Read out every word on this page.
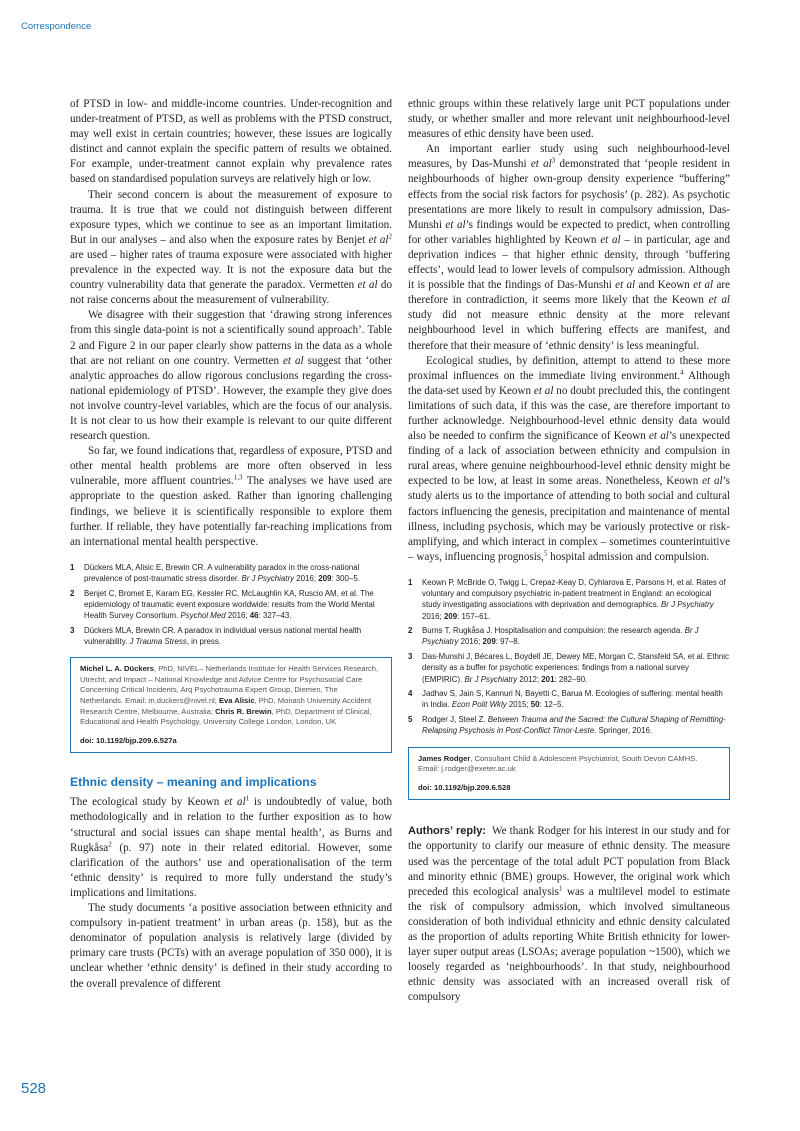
Correspondence

of PTSD in low- and middle-income countries. Under-recognition and under-treatment of PTSD, as well as problems with the PTSD construct, may well exist in certain countries; however, these issues are logically distinct and cannot explain the specific pattern of results we obtained. For example, under-treatment cannot explain why prevalence rates based on standardised population surveys are relatively high or low.

Their second concern is about the measurement of exposure to trauma. It is true that we could not distinguish between different exposure types, which we continue to see as an important limitation. But in our analyses – and also when the exposure rates by Benjet et $al^2$ are used – higher rates of trauma exposure were associated with higher prevalence in the expected way. It is not the exposure data but the country vulnerability data that generate the paradox. Vermetten et al do not raise concerns about the measurement of vulnerability.

We disagree with their suggestion that ‘drawing strong inferences from this single data-point is not a scientifically sound approach’. Table 2 and Figure 2 in our paper clearly show patterns in the data as a whole that are not reliant on one country. Vermetten et al suggest that ‘other analytic approaches do allow rigorous conclusions regarding the cross-national epidemiology of PTSD’. However, the example they give does not involve country-level variables, which are the focus of our analysis. It is not clear to us how their example is relevant to our quite different research question.

So far, we found indications that, regardless of exposure, PTSD and other mental health problems are more often observed in less vulnerable, more affluent countries.$^{1,3}$ The analyses we have used are appropriate to the question asked. Rather than ignoring challenging findings, we believe it is scientifically responsible to explore them further. If reliable, they have potentially far-reaching implications from an international mental health perspective.

1 Dückers MLA, Alisic E, Brewin CR. A vulnerability paradox in the cross-national prevalence of post-traumatic stress disorder. Br J Psychiatry 2016; 209: 300–5.
2 Benjet C, Bromet E, Karam EG, Kessler RC, McLaughlin KA, Ruscio AM, et al. The epidemiology of traumatic event exposure worldwide: results from the World Mental Health Survey Consortium. Psychol Med 2016; 46: 327–43.
3 Dückers MLA, Brewin CR. A paradox in individual versus national mental health vulnerability. J Trauma Stress, in press.
Michel L. A. Dückers, PhD, NIVEL– Netherlands Institute for Health Services Research, Utrecht; and Impact – National Knowledge and Advice Centre for Psychosocial Care Concerning Critical Incidents, Arq Psychotrauma Expert Group, Diemen, The Netherlands. Email: m.duckers@nivel.nl; Eva Alisic, PhD, Monash University Accident Research Centre, Melbourne, Australia; Chris R. Brewin, PhD, Department of Clinical, Educational and Health Psychology, University College London, London, UK
doi: 10.1192/bjp.209.6.527a
Ethnic density – meaning and implications

The ecological study by Keown et $al^1$ is undoubtedly of value, both methodologically and in relation to the further exposition as to how ‘structural and social issues can shape mental health’, as Burns and Rugkåsa$^2$ (p. 97) note in their related editorial. However, some clarification of the authors’ use and operationalisation of the term ‘ethnic density’ is required to more fully understand the study’s implications and limitations.

The study documents ‘a positive association between ethnicity and compulsory in-patient treatment’ in urban areas (p. 158), but as the denominator of population analysis is relatively large (divided by primary care trusts (PCTs) with an average population of 350 000), it is unclear whether ‘ethnic density’ is defined in their study according to the overall prevalence of different

ethnic groups within these relatively large unit PCT populations under study, or whether smaller and more relevant unit neighbourhood-level measures of ethic density have been used.

An important earlier study using such neighbourhood-level measures, by Das-Munshi et $al^3$ demonstrated that ‘people resident in neighbourhoods of higher own-group density experience “buffering” effects from the social risk factors for psychosis’ (p. 282). As psychotic presentations are more likely to result in compulsory admission, Das-Munshi et al’s findings would be expected to predict, when controlling for other variables highlighted by Keown et al – in particular, age and deprivation indices – that higher ethnic density, through ‘buffering effects’, would lead to lower levels of compulsory admission. Although it is possible that the findings of Das-Munshi et al and Keown et al are therefore in contradiction, it seems more likely that the Keown et al study did not measure ethnic density at the more relevant neighbourhood level in which buffering effects are manifest, and therefore that their measure of ‘ethnic density’ is less meaningful.

Ecological studies, by definition, attempt to attend to these more proximal influences on the immediate living environment.$^4$ Although the data-set used by Keown et al no doubt precluded this, the contingent limitations of such data, if this was the case, are therefore important to further acknowledge. Neighbourhood-level ethnic density data would also be needed to confirm the significance of Keown et al’s unexpected finding of a lack of association between ethnicity and compulsion in rural areas, where genuine neighbourhood-level ethnic density might be expected to be low, at least in some areas. Nonetheless, Keown et al’s study alerts us to the importance of attending to both social and cultural factors influencing the genesis, precipitation and maintenance of mental illness, including psychosis, which may be variously protective or risk-amplifying, and which interact in complex – sometimes counterintuitive – ways, influencing prognosis,$^5$ hospital admission and compulsion.

1 Keown P, McBride O, Twigg L, Crepaz-Keay D, Cyhlarova E, Parsons H, et al. Rates of voluntary and compulsory psychiatric in-patient treatment in England: an ecological study investigating associations with deprivation and demographics. Br J Psychiatry 2016; 209: 157–61.
2 Burns T, Rugkåsa J. Hospitalisation and compulsion: the research agenda. Br J Psychiatry 2016; 209: 97–8.
3 Das-Munshi J, Bécares L, Boydell JE, Dewey ME, Morgan C, Stansfeld SA, et al. Ethnic density as a buffer for psychotic experiences: findings from a national survey (EMPIRIC). Br J Psychiatry 2012; 201: 282–90.
4 Jadhav S, Jain S, Kannuri N, Bayetti C, Barua M. Ecologies of suffering: mental health in India. Econ Polit Wkly 2015; 50: 12–5.
5 Rodger J, Steel Z. Between Trauma and the Sacred: the Cultural Shaping of Remitting-Relapsing Psychosis in Post-Conflict Timor-Leste. Springer, 2016.
James Rodger, Consultant Child & Adolescent Psychiatrist, South Devon CAMHS. Email: j.rodger@exeter.ac.uk
doi: 10.1192/bjp.209.6.528

Authors’ reply: We thank Rodger for his interest in our study and for the opportunity to clarify our measure of ethnic density. The measure used was the percentage of the total adult PCT population from Black and minority ethnic (BME) groups. However, the original work which preceded this ecological analysis$^1$ was a multilevel model to estimate the risk of compulsory admission, which involved simultaneous consideration of both individual ethnicity and ethnic density calculated as the proportion of adults reporting White British ethnicity for lower-layer super output areas (LSOAs; average population ~1500), which we loosely regarded as ‘neighbourhoods’. In that study, neighbourhood ethnic density was associated with an increased overall risk of compulsory

528
